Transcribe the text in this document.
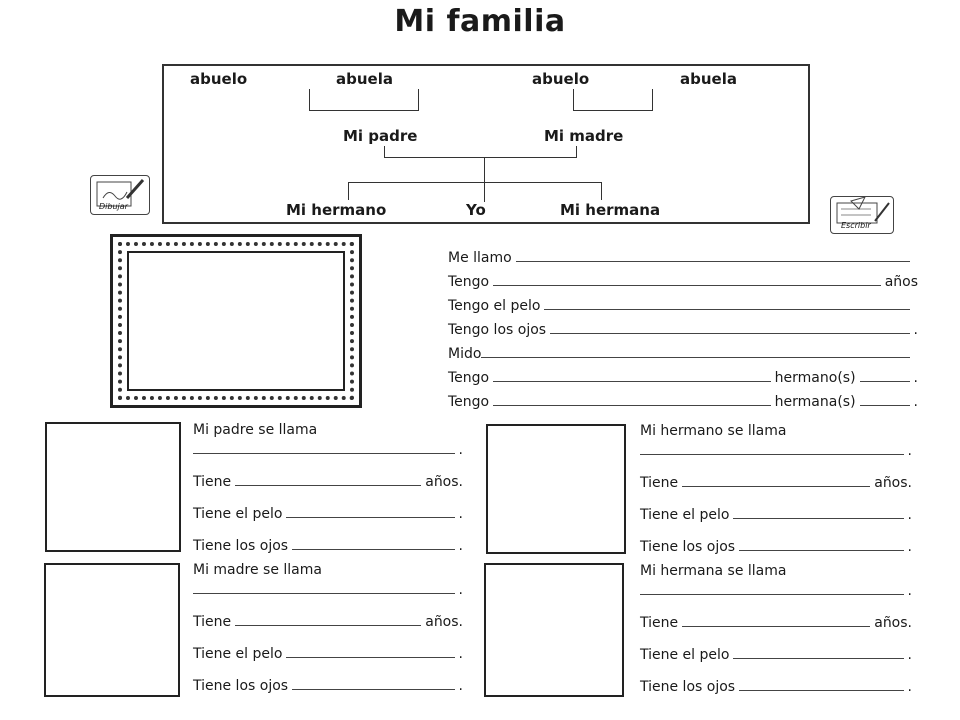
Mi familia
abuelo	abuela	abuelo	abuela
Mi padre	Mi madre
Mi hermano	Yo	Mi hermana
Dibujar
Escribir
Me llamo
Tengo	años
Tengo el pelo
Tengo los ojos	.
Mido
Tengo	hermano(s)	.
Tengo	hermana(s)	.
Mi padre se llama
.
Tiene	años.
Tiene el pelo	.
Tiene los ojos	.
Mi hermano se llama
.
Tiene	años.
Tiene el pelo	.
Tiene los ojos	.
Mi madre se llama
.
Tiene	años.
Tiene el pelo	.
Tiene los ojos	.
Mi hermana se llama
.
Tiene	años.
Tiene el pelo	.
Tiene los ojos	.
